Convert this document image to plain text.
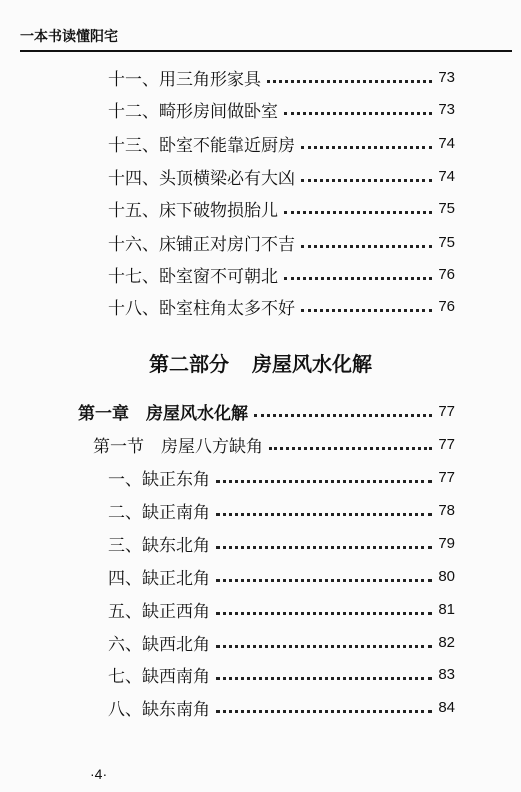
一本书读懂阳宅
十一、用三角形家具	73
十二、畸形房间做卧室	73
十三、卧室不能靠近厨房	74
十四、头顶横梁必有大凶	74
十五、床下破物损胎儿	75
十六、床铺正对房门不吉	75
十七、卧室窗不可朝北	76
十八、卧室柱角太多不好	76
第二部分 房屋风水化解
第一章　房屋风水化解	77
第一节　房屋八方缺角	77
一、缺正东角	77
二、缺正南角	78
三、缺东北角	79
四、缺正北角	80
五、缺正西角	81
六、缺西北角	82
七、缺西南角	83
八、缺东南角	84
·4·
